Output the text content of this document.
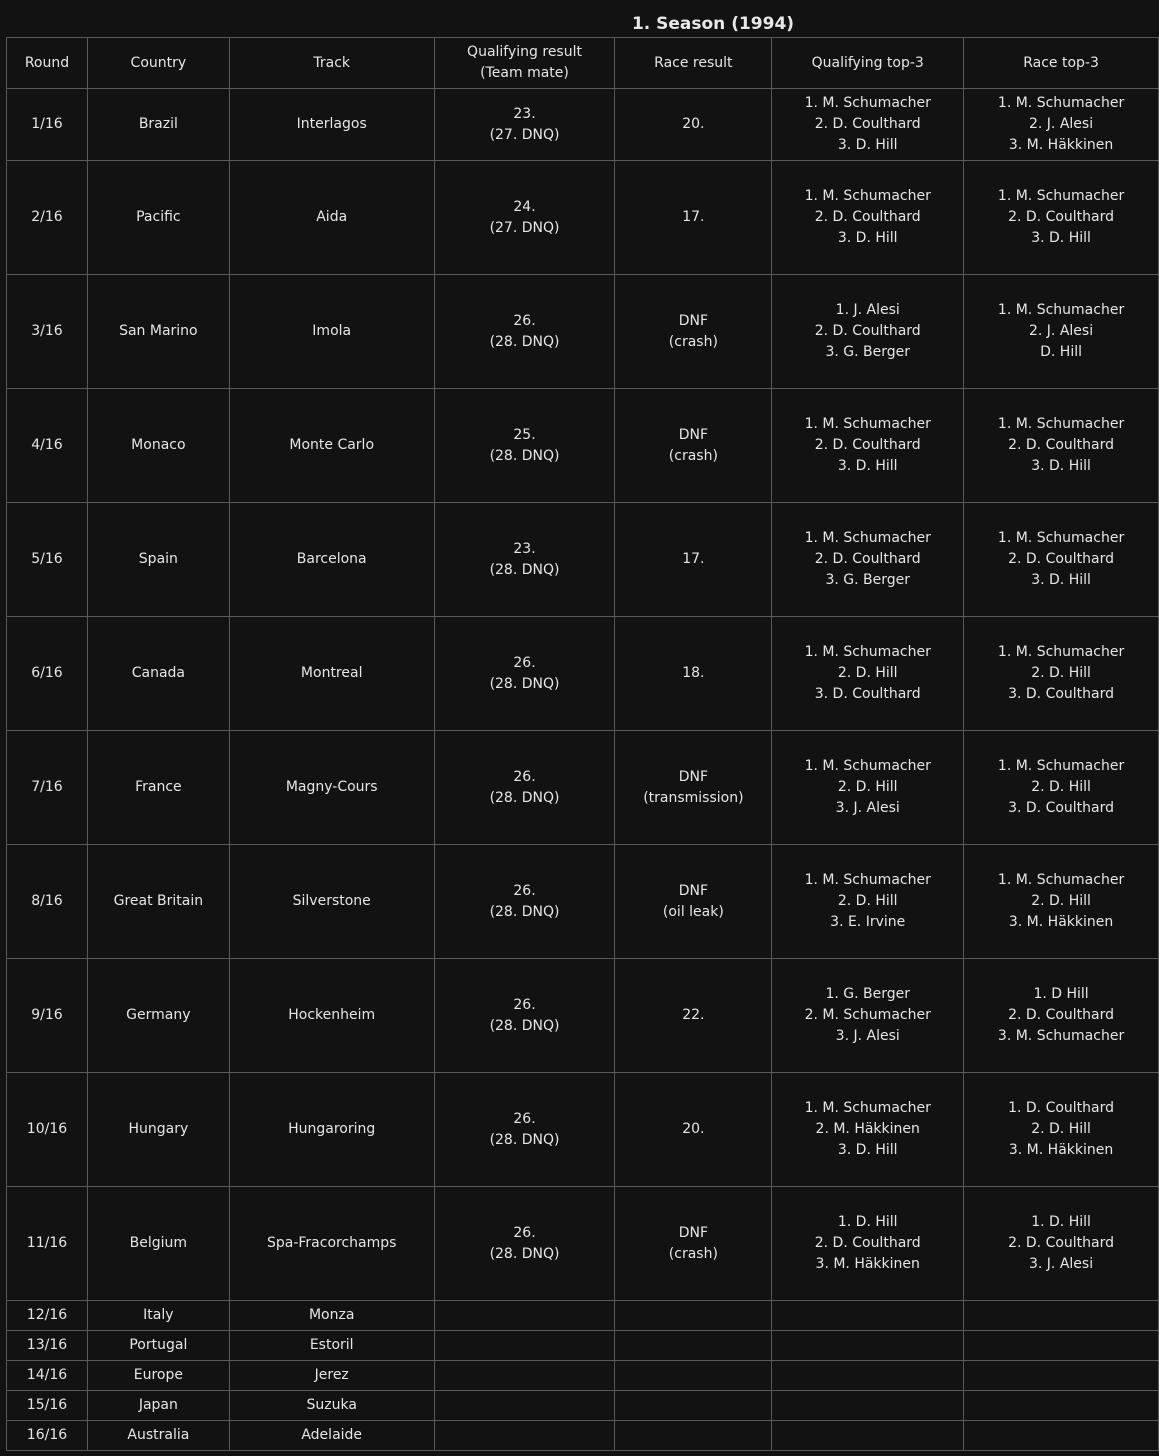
1. Season (1994)
Round	Country	Track	Qualifying result
(Team mate)	Race result	Qualifying top-3	Race top-3

1/16	Brazil	Interlagos	23.
(27. DNQ)	20.	1. M. Schumacher
2. D. Coulthard
3. D. Hill	1. M. Schumacher
2. J. Alesi
3. M. Häkkinen

2/16	Pacific	Aida	24.
(27. DNQ)	17.	1. M. Schumacher
2. D. Coulthard
3. D. Hill	1. M. Schumacher
2. D. Coulthard
3. D. Hill

3/16	San Marino	Imola	26.
(28. DNQ)	DNF
(crash)	1. J. Alesi
2. D. Coulthard
3. G. Berger	1. M. Schumacher
2. J. Alesi
D. Hill

4/16	Monaco	Monte Carlo	25.
(28. DNQ)	DNF
(crash)	1. M. Schumacher
2. D. Coulthard
3. D. Hill	1. M. Schumacher
2. D. Coulthard
3. D. Hill

5/16	Spain	Barcelona	23.
(28. DNQ)	17.	1. M. Schumacher
2. D. Coulthard
3. G. Berger	1. M. Schumacher
2. D. Coulthard
3. D. Hill

6/16	Canada	Montreal	26.
(28. DNQ)	18.	1. M. Schumacher
2. D. Hill
3. D. Coulthard	1. M. Schumacher
2. D. Hill
3. D. Coulthard

7/16	France	Magny-Cours	26.
(28. DNQ)	DNF
(transmission)	1. M. Schumacher
2. D. Hill
3. J. Alesi	1. M. Schumacher
2. D. Hill
3. D. Coulthard

8/16	Great Britain	Silverstone	26.
(28. DNQ)	DNF
(oil leak)	1. M. Schumacher
2. D. Hill
3. E. Irvine	1. M. Schumacher
2. D. Hill
3. M. Häkkinen

9/16	Germany	Hockenheim	26.
(28. DNQ)	22.	1. G. Berger
2. M. Schumacher
3. J. Alesi	1. D Hill
2. D. Coulthard
3. M. Schumacher

10/16	Hungary	Hungaroring	26.
(28. DNQ)	20.	1. M. Schumacher
2. M. Häkkinen
3. D. Hill	1. D. Coulthard
2. D. Hill
3. M. Häkkinen

11/16	Belgium	Spa-Fracorchamps	26.
(28. DNQ)	DNF
(crash)	1. D. Hill
2. D. Coulthard
3. M. Häkkinen	1. D. Hill
2. D. Coulthard
3. J. Alesi

12/16	Italy	Monza				

13/16	Portugal	Estoril				

14/16	Europe	Jerez				

15/16	Japan	Suzuka				

16/16	Australia	Adelaide				
